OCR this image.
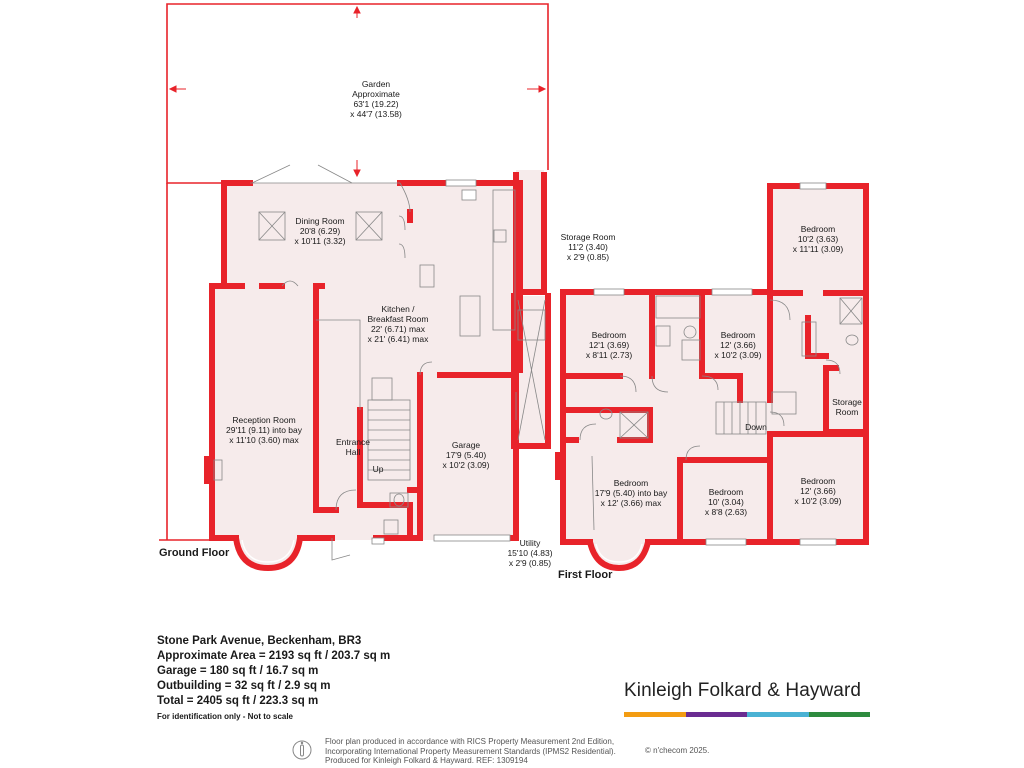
Garden Approximate 63'1 (19.22) x 44'7 (13.58)
Dining Room 20'8 (6.29) x 10'11 (3.32)	Storage Room 11'2 (3.40) x 2'9 (0.85)
Kitchen / Breakfast Room 22' (6.71) max x 21' (6.41) max
Reception Room 29'11 (9.11) into bay x 11'10 (3.60) max	Entrance Hall
Up
Garage 17'9 (5.40) x 10'2 (3.09)
Utility 15'10 (4.83) x 2'9 (0.85)
Bedroom 12'1 (3.69) x 8'11 (2.73)
Bedroom 12' (3.66) x 10'2 (3.09)
Bedroom 10'2 (3.63) x 11'11 (3.09)
Storage Room
Down
Bedroom 17'9 (5.40) into bay x 12' (3.66) max
Bedroom 10' (3.04) x 8'8 (2.63)
Bedroom 12' (3.66) x 10'2 (3.09)
Ground Floor
First Floor
Stone Park Avenue, Beckenham, BR3
Approximate Area = 2193 sq ft / 203.7 sq m
Garage = 180 sq ft / 16.7 sq m
Outbuilding = 32 sq ft / 2.9 sq m
Total = 2405 sq ft / 223.3 sq m
For identification only - Not to scale
Kinleigh Folkard & Hayward
Floor plan produced in accordance with RICS Property Measurement 2nd Edition,
Incorporating International Property Measurement Standards (IPMS2 Residential).
Produced for Kinleigh Folkard & Hayward. REF: 1309194
© n'checom 2025.
